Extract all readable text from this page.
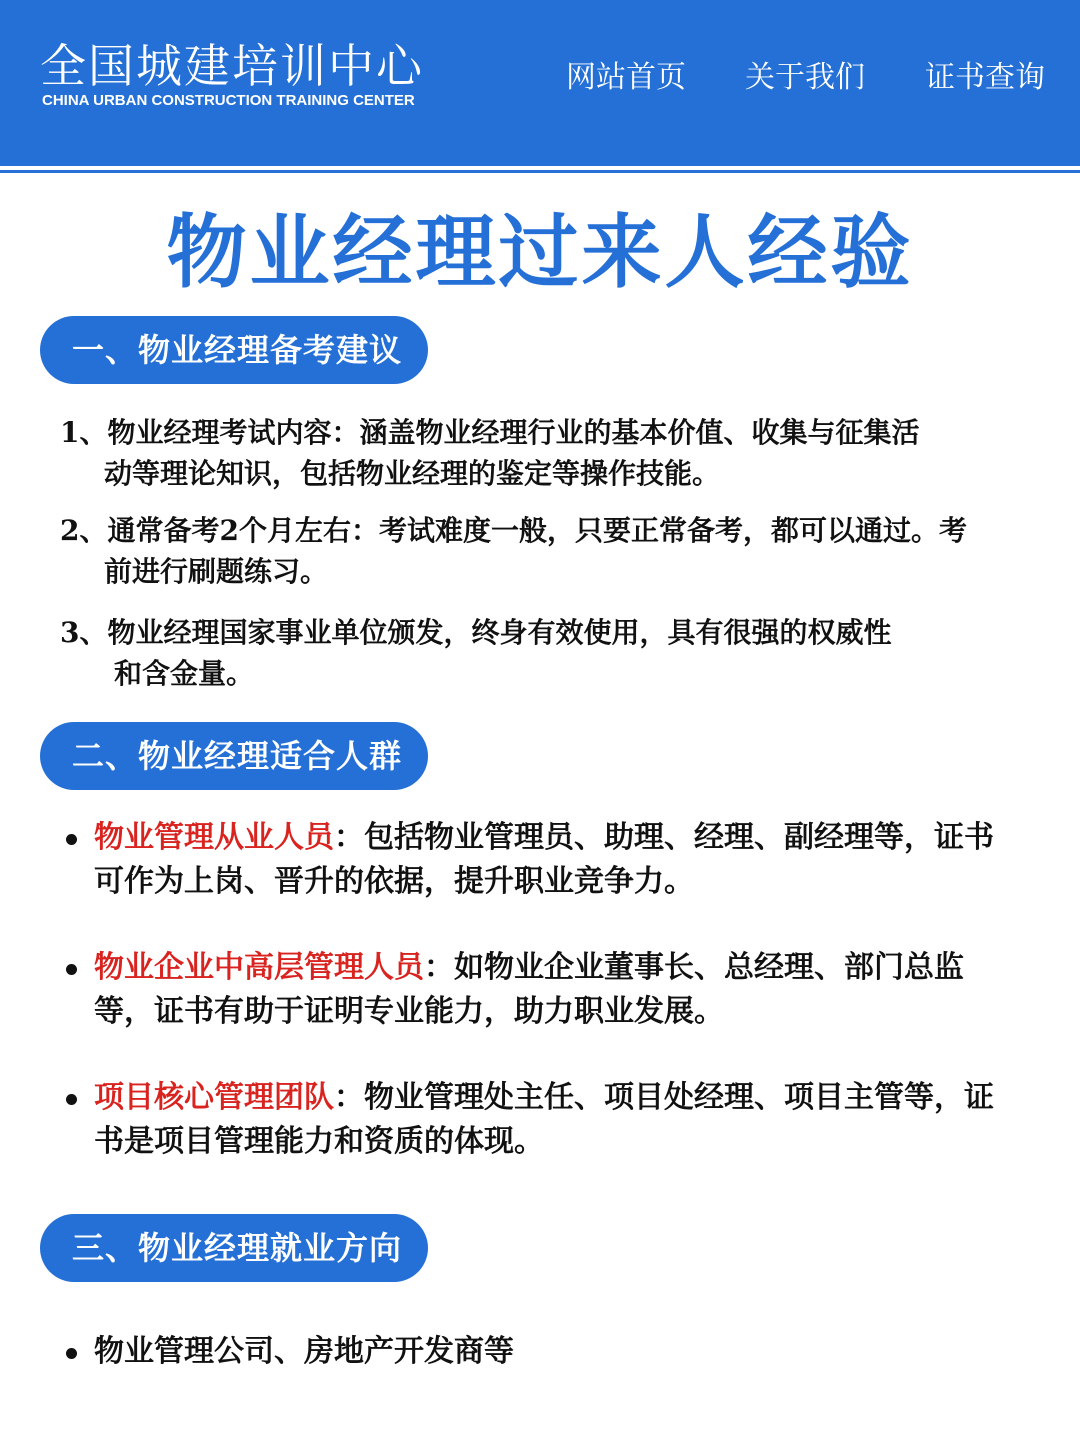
全国城建培训中心
CHINA URBAN CONSTRUCTION TRAINING CENTER
网站首页 关于我们 证书查询
物业经理过来人经验
一、物业经理备考建议
1、物业经理考试内容：涵盖物业经理行业的基本价值、收集与征集活
动等理论知识，包括物业经理的鉴定等操作技能。
2、通常备考2个月左右：考试难度一般，只要正常备考，都可以通过。考
前进行刷题练习。
3、物业经理国家事业单位颁发，终身有效使用，具有很强的权威性
和含金量。
二、物业经理适合人群
物业管理从业人员：包括物业管理员、助理、经理、副经理等，证书
可作为上岗、晋升的依据，提升职业竞争力。
物业企业中高层管理人员：如物业企业董事长、总经理、部门总监
等，证书有助于证明专业能力，助力职业发展。
项目核心管理团队：物业管理处主任、项目处经理、项目主管等，证
书是项目管理能力和资质的体现。
三、物业经理就业方向
物业管理公司、房地产开发商等
